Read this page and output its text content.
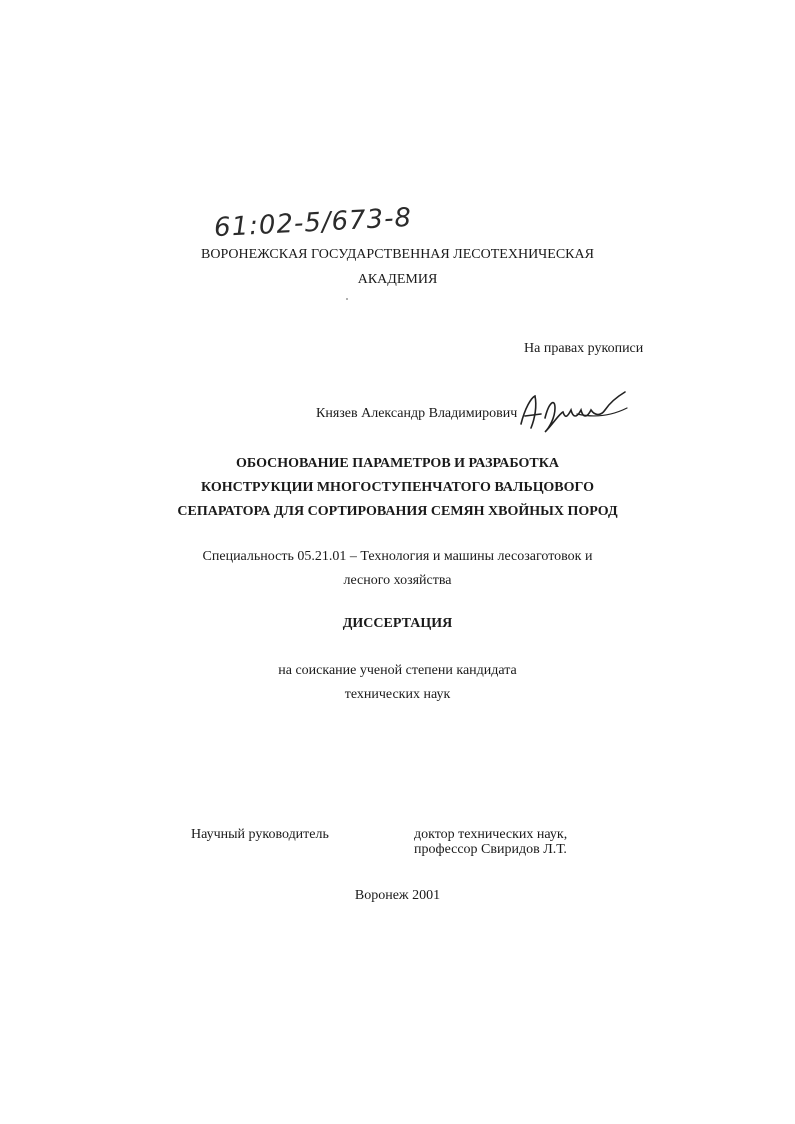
61:02-5/673-8
ВОРОНЕЖСКАЯ ГОСУДАРСТВЕННАЯ ЛЕСОТЕХНИЧЕСКАЯ
АКАДЕМИЯ
На правах рукописи
Князев Александр Владимирович
ОБОСНОВАНИЕ ПАРАМЕТРОВ И РАЗРАБОТКА
КОНСТРУКЦИИ МНОГОСТУПЕНЧАТОГО ВАЛЬЦОВОГО
СЕПАРАТОРА ДЛЯ СОРТИРОВАНИЯ СЕМЯН ХВОЙНЫХ ПОРОД
Специальность 05.21.01 – Технология и машины лесозаготовок и
лесного хозяйства
ДИССЕРТАЦИЯ
на соискание ученой степени кандидата
технических наук
Научный руководитель	доктор технических наук,
профессор Свиридов Л.Т.
Воронеж 2001
